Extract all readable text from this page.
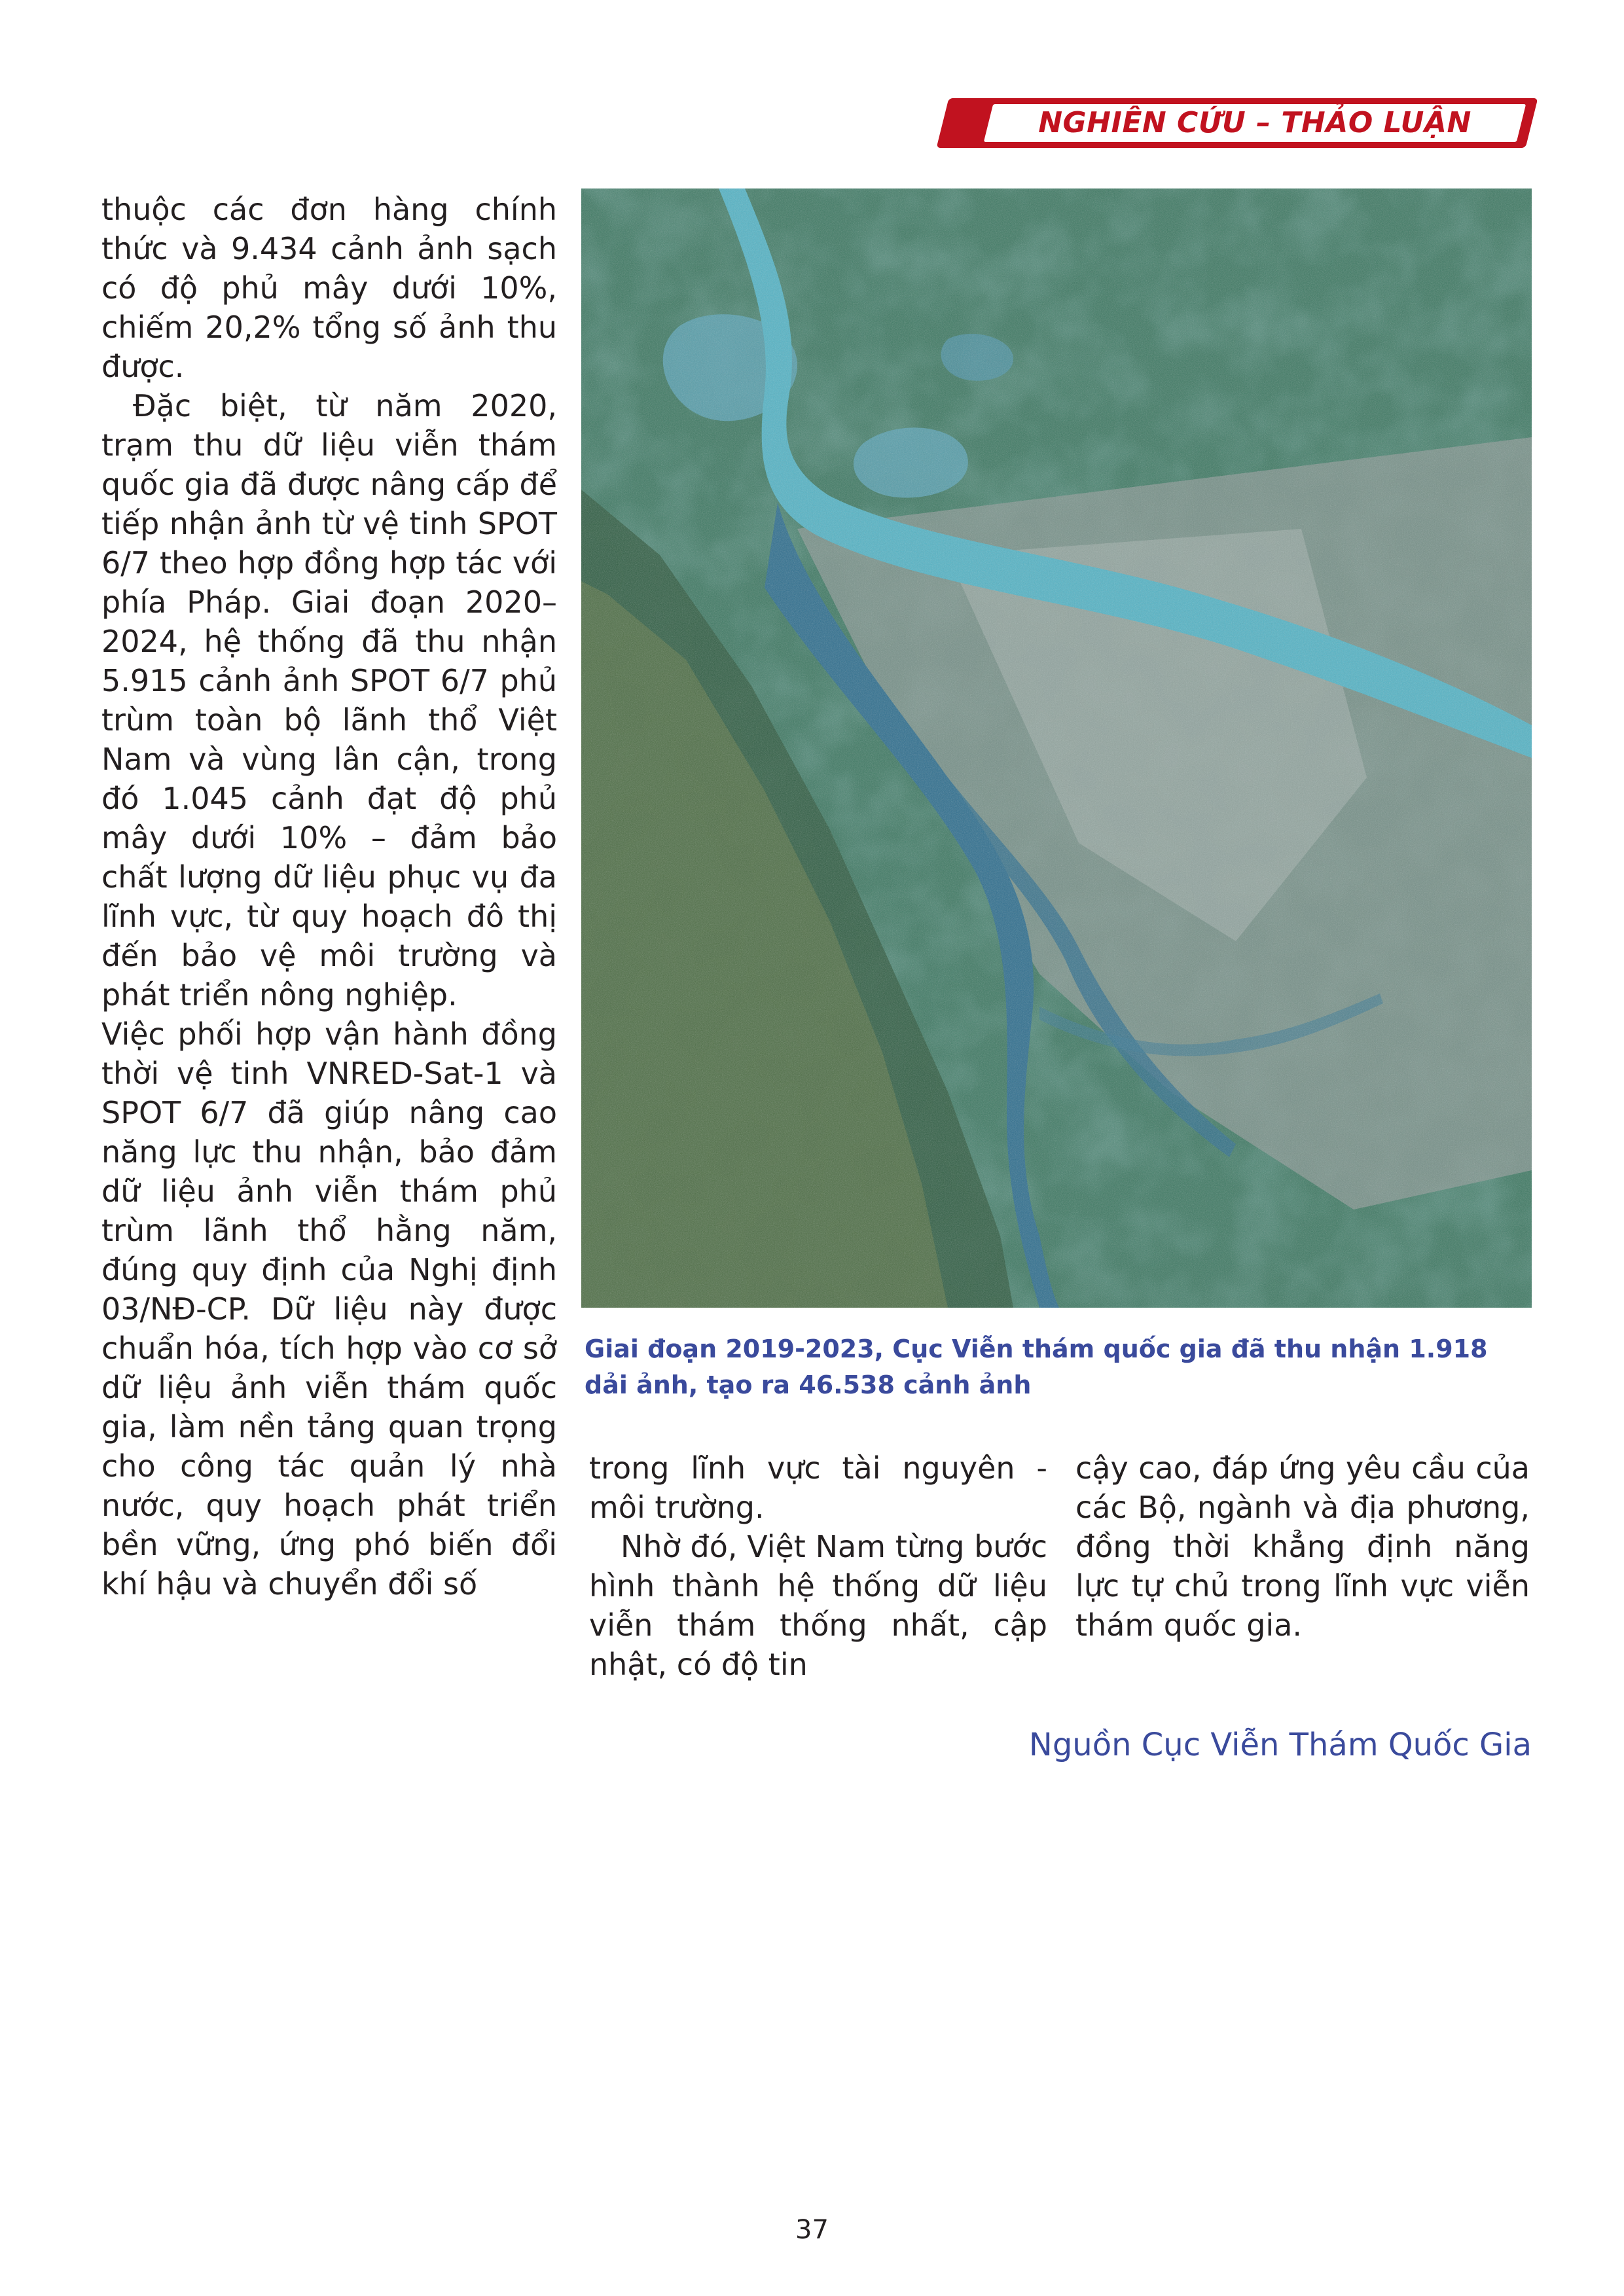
NGHIÊN CỨU – THẢO LUẬN

thuộc các đơn hàng chính thức và 9.434 cảnh ảnh sạch có độ phủ mây dưới 10%, chiếm 20,2% tổng số ảnh thu được.

Đặc biệt, từ năm 2020, trạm thu dữ liệu viễn thám quốc gia đã được nâng cấp để tiếp nhận ảnh từ vệ tinh SPOT 6/7 theo hợp đồng hợp tác với phía Pháp. Giai đoạn 2020–2024, hệ thống đã thu nhận 5.915 cảnh ảnh SPOT 6/7 phủ trùm toàn bộ lãnh thổ Việt Nam và vùng lân cận, trong đó 1.045 cảnh đạt độ phủ mây dưới 10% – đảm bảo chất lượng dữ liệu phục vụ đa lĩnh vực, từ quy hoạch đô thị đến bảo vệ môi trường và phát triển nông nghiệp.

Việc phối hợp vận hành đồng thời vệ tinh VNRED-Sat-1 và SPOT 6/7 đã giúp nâng cao năng lực thu nhận, bảo đảm dữ liệu ảnh viễn thám phủ trùm lãnh thổ hằng năm, đúng quy định của Nghị định 03/NĐ-CP. Dữ liệu này được chuẩn hóa, tích hợp vào cơ sở dữ liệu ảnh viễn thám quốc gia, làm nền tảng quan trọng cho công tác quản lý nhà nước, quy hoạch phát triển bền vững, ứng phó biến đổi khí hậu và chuyển đổi số

Giai đoạn 2019-2023, Cục Viễn thám quốc gia đã thu nhận 1.918 dải ảnh, tạo ra 46.538 cảnh ảnh

trong lĩnh vực tài nguyên - môi trường.

Nhờ đó, Việt Nam từng bước hình thành hệ thống dữ liệu viễn thám thống nhất, cập nhật, có độ tin

cậy cao, đáp ứng yêu cầu của các Bộ, ngành và địa phương, đồng thời khẳng định năng lực tự chủ trong lĩnh vực viễn thám quốc gia.

Nguồn Cục Viễn Thám Quốc Gia
37
